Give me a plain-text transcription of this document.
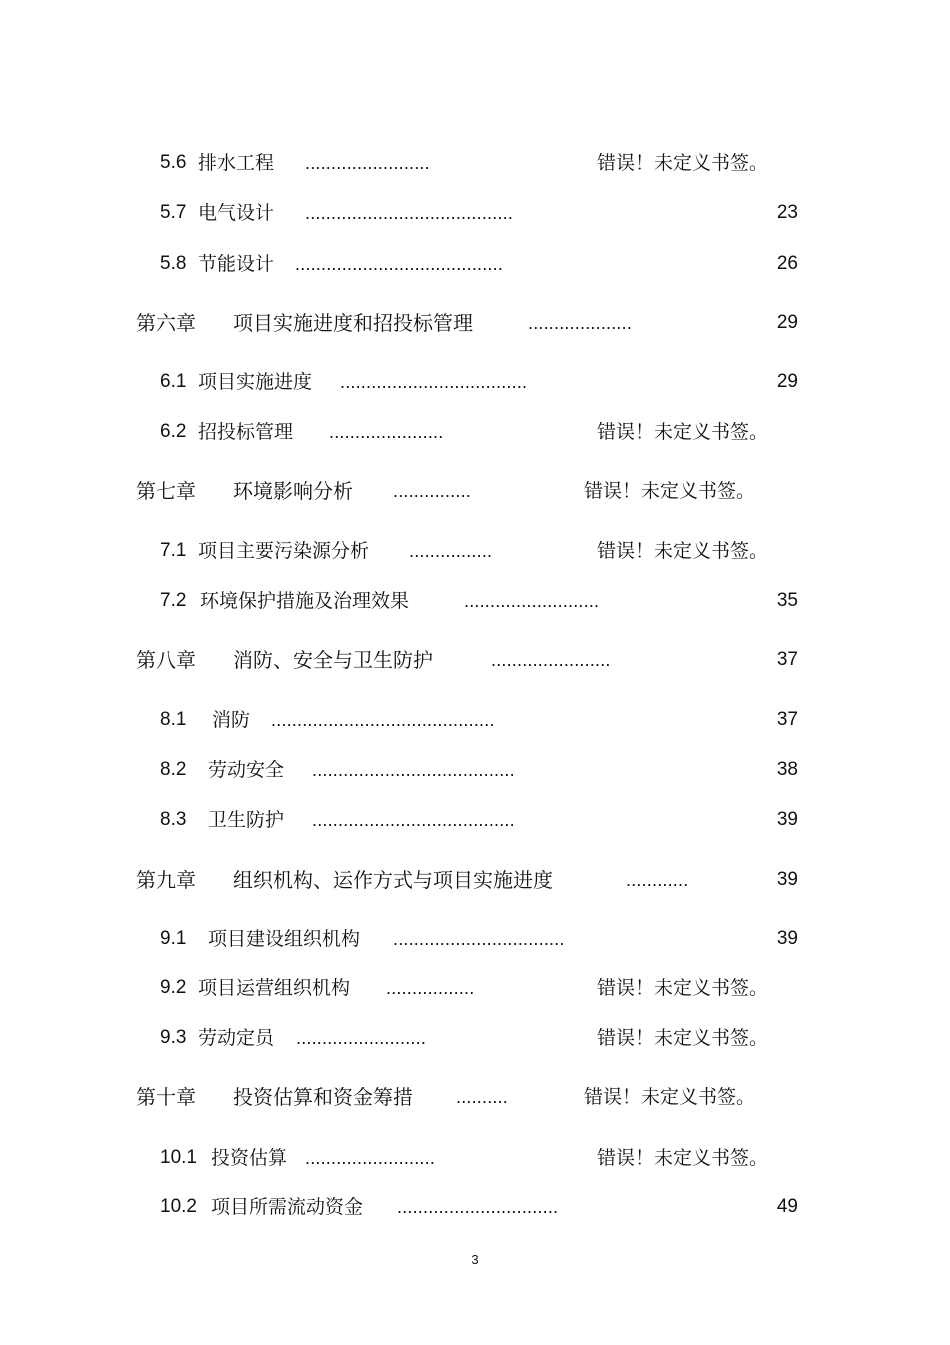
5.6 排水工程 ........................	错误！未定义书签。
5.7 电气设计 ........................................	23
5.8 节能设计 ........................................	26
第六章 项目实施进度和招投标管理	....................	29
6.1 项目实施进度 ....................................	29
6.2 招投标管理 ......................	错误！未定义书签。
第七章 环境影响分析 ...............	错误！未定义书签。
7.1 项目主要污染源分析 ................	错误！未定义书签。
7.2 环境保护措施及治理效果	..........................	35
第八章 消防、安全与卫生防护	.......................	37
8.1 消防 ...........................................	37
8.2 劳动安全 .......................................	38
8.3 卫生防护 .......................................	39
第九章 组织机构、运作方式与项目实施进度	............	39
9.1 项目建设组织机构 .................................	39
9.2 项目运营组织机构 .................	错误！未定义书签。
9.3 劳动定员 .........................	错误！未定义书签。
第十章 投资估算和资金筹措 ..........	错误！未定义书签。
10.1 投资估算 .........................	错误！未定义书签。
10.2 项目所需流动资金 ...............................	49
3
